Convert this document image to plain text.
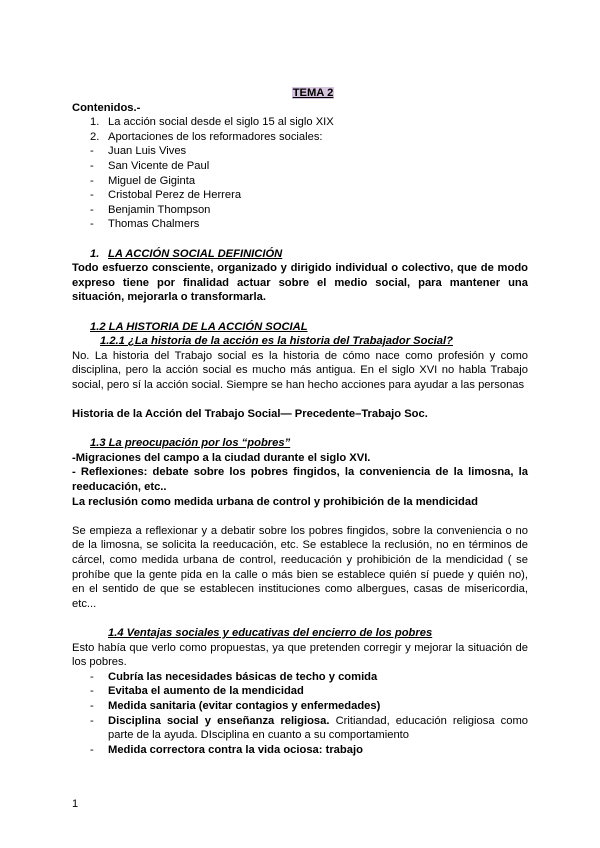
TEMA 2
Contenidos.-
1. La acción social desde el siglo 15 al siglo XIX
2. Aportaciones de los reformadores sociales:
- Juan Luis Vives
- San Vicente de Paul
- Miguel de Giginta
- Cristobal Perez de Herrera
- Benjamin Thompson
- Thomas Chalmers
1. LA ACCIÓN SOCIAL DEFINICIÓN
Todo esfuerzo consciente, organizado y dirigido individual o colectivo, que de modo expreso tiene por finalidad actuar sobre el medio social, para mantener una situación, mejorarla o transformarla.
1.2 LA HISTORIA DE LA ACCIÓN SOCIAL
1.2.1 ¿La historia de la acción es la historia del Trabajador Social?
No. La historia del Trabajo social es la historia de cómo nace como profesión y como disciplina, pero la acción social es mucho más antigua. En el siglo XVI no habla Trabajo social, pero sí la acción social. Siempre se han hecho acciones para ayudar a las personas
Historia de la Acción del Trabajo Social— Precedente–Trabajo Soc.
1.3 La preocupación por los “pobres”
-Migraciones del campo a la ciudad durante el siglo XVI.
- Reflexiones: debate sobre los pobres fingidos, la conveniencia de la limosna, la reeducación, etc..
La reclusión como medida urbana de control y prohibición de la mendicidad
Se empieza a reflexionar y a debatir sobre los pobres fingidos, sobre la conveniencia o no de la limosna, se solicita la reeducación, etc. Se establece la reclusión, no en términos de cárcel, como medida urbana de control, reeducación y prohibición de la mendicidad ( se prohíbe que la gente pida en la calle o más bien se establece quién sí puede y quién no), en el sentido de que se establecen instituciones como albergues, casas de misericordia, etc...
1.4 Ventajas sociales y educativas del encierro de los pobres
Esto había que verlo como propuestas, ya que pretenden corregir y mejorar la situación de los pobres.
- Cubría las necesidades básicas de techo y comida
- Evitaba el aumento de la mendicidad
- Medida sanitaria (evitar contagios y enfermedades)
- Disciplina social y enseñanza religiosa. Critiandad, educación religiosa como parte de la ayuda. DIsciplina en cuanto a su comportamiento
- Medida correctora contra la vida ociosa: trabajo
1
